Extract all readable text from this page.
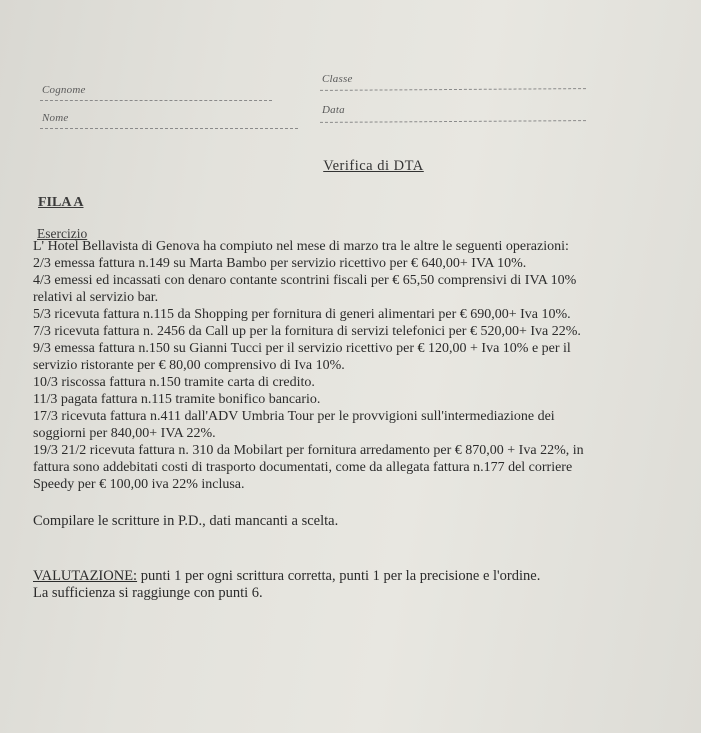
Cognome
Classe
Nome
Data
Verifica di DTA
FILA A
Esercizio
L' Hotel Bellavista di Genova ha compiuto nel mese di marzo tra le altre le seguenti operazioni:
2/3 emessa fattura n.149 su Marta Bambo per servizio ricettivo per € 640,00+ IVA 10%.
4/3 emessi ed incassati con denaro contante scontrini fiscali per € 65,50 comprensivi di IVA 10%
relativi al servizio bar.
5/3 ricevuta fattura n.115 da Shopping per fornitura di generi alimentari per € 690,00+ Iva 10%.
7/3 ricevuta fattura n. 2456 da Call up per la fornitura di servizi telefonici per € 520,00+ Iva 22%.
9/3 emessa fattura n.150 su Gianni Tucci per il servizio ricettivo per € 120,00 + Iva 10% e per il
servizio ristorante per € 80,00 comprensivo di Iva 10%.
10/3 riscossa fattura n.150 tramite carta di credito.
11/3 pagata fattura n.115 tramite bonifico bancario.
17/3 ricevuta fattura n.411 dall'ADV Umbria Tour per le provvigioni sull'intermediazione dei
soggiorni per 840,00+ IVA 22%.
19/3 21/2 ricevuta fattura n. 310 da Mobilart per fornitura arredamento per € 870,00 + Iva 22%, in
fattura sono addebitati costi di trasporto documentati, come da allegata fattura n.177 del corriere
Speedy per € 100,00 iva 22% inclusa.
Compilare le scritture in P.D., dati mancanti a scelta.
VALUTAZIONE: punti 1 per ogni scrittura corretta, punti 1 per la precisione e l'ordine.
La sufficienza si raggiunge con punti 6.
